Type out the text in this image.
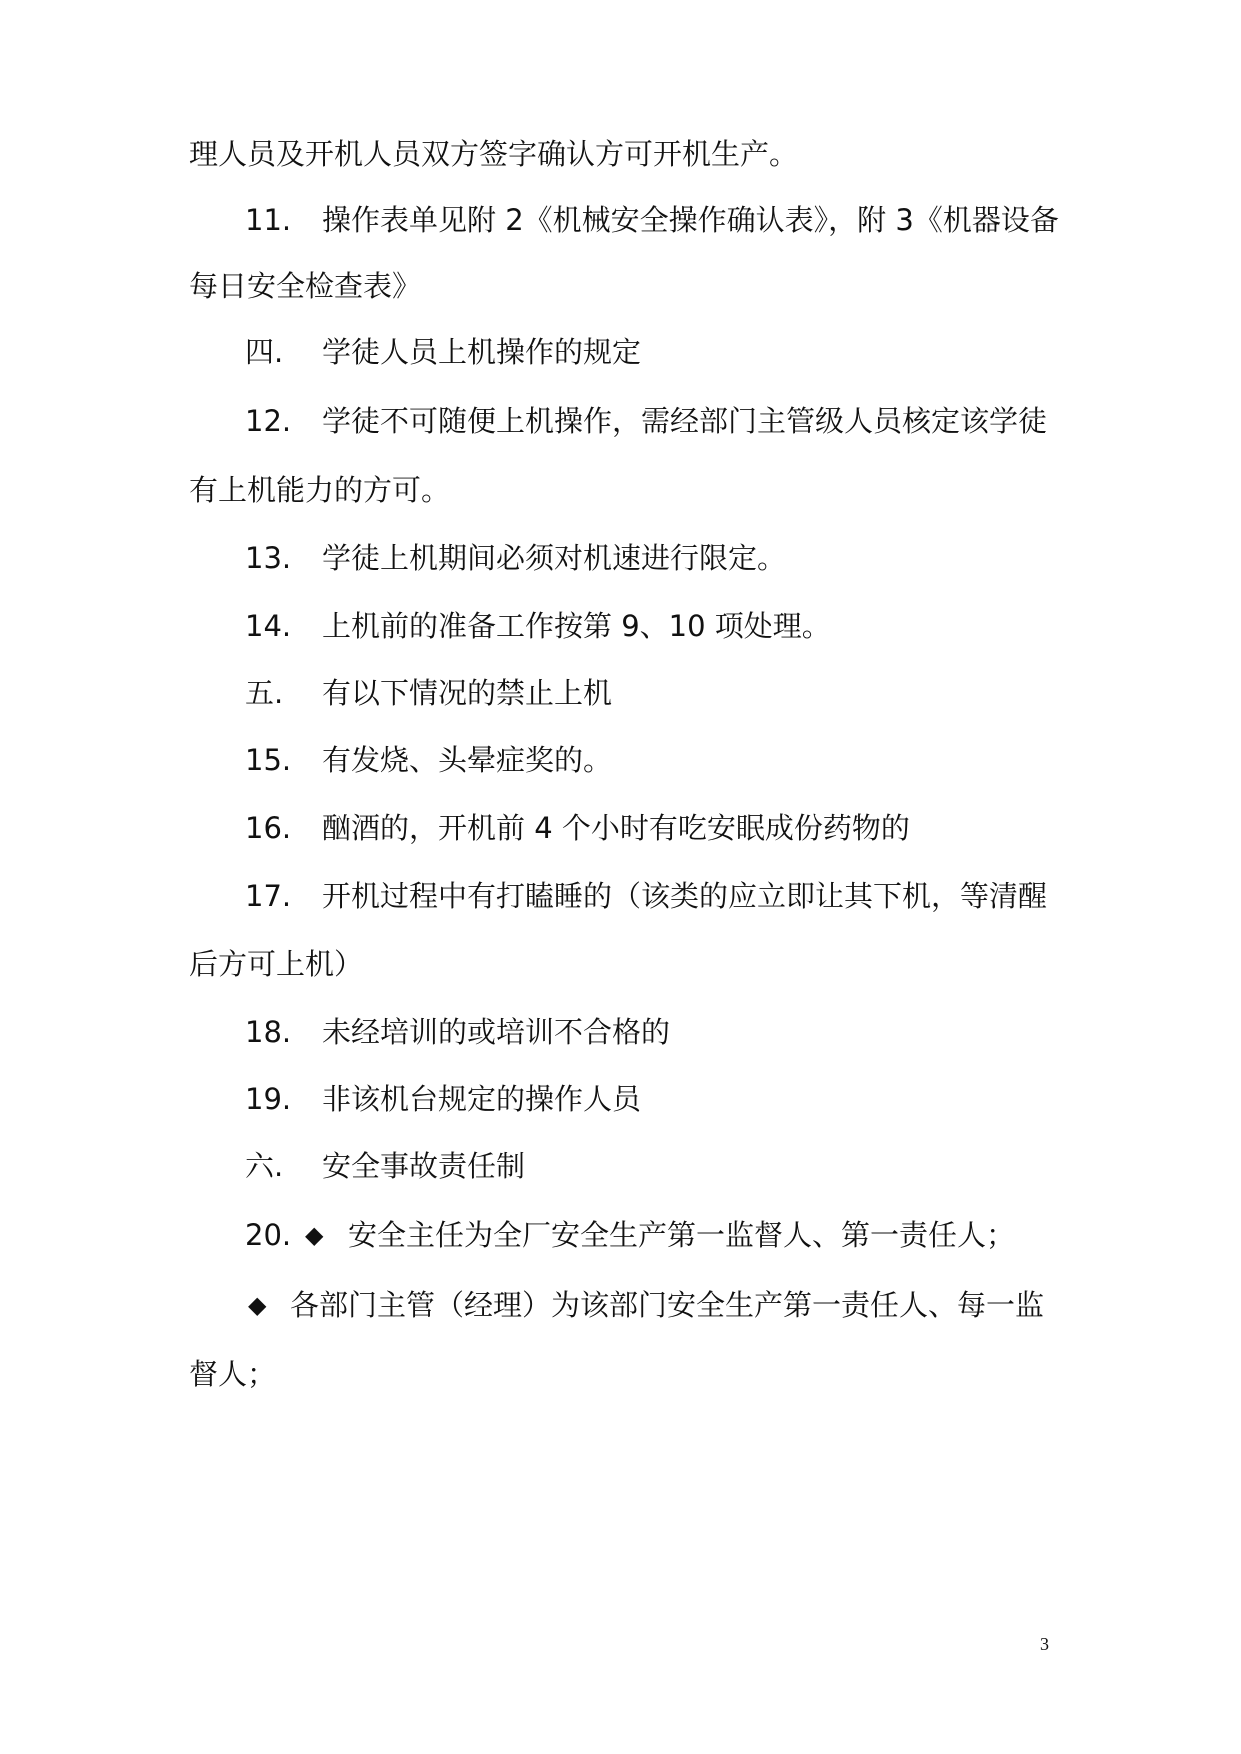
理人员及开机人员双方签字确认方可开机生产。
11. 操作表单见附 2《机械安全操作确认表》，附 3《机器设备
每日安全检查表》
四. 学徒人员上机操作的规定
12. 学徒不可随便上机操作，需经部门主管级人员核定该学徒
有上机能力的方可。
13. 学徒上机期间必须对机速进行限定。
14. 上机前的准备工作按第 9、10 项处理。
五. 有以下情况的禁止上机
15. 有发烧、头晕症奖的。
16. 酗酒的，开机前 4 个小时有吃安眠成份药物的
17. 开机过程中有打瞌睡的（该类的应立即让其下机，等清醒
后方可上机）
18. 未经培训的或培训不合格的
19. 非该机台规定的操作人员
六. 安全事故责任制
20. ◆ 安全主任为全厂安全生产第一监督人、第一责任人；
◆ 各部门主管（经理）为该部门安全生产第一责任人、每一监
督人；
3
